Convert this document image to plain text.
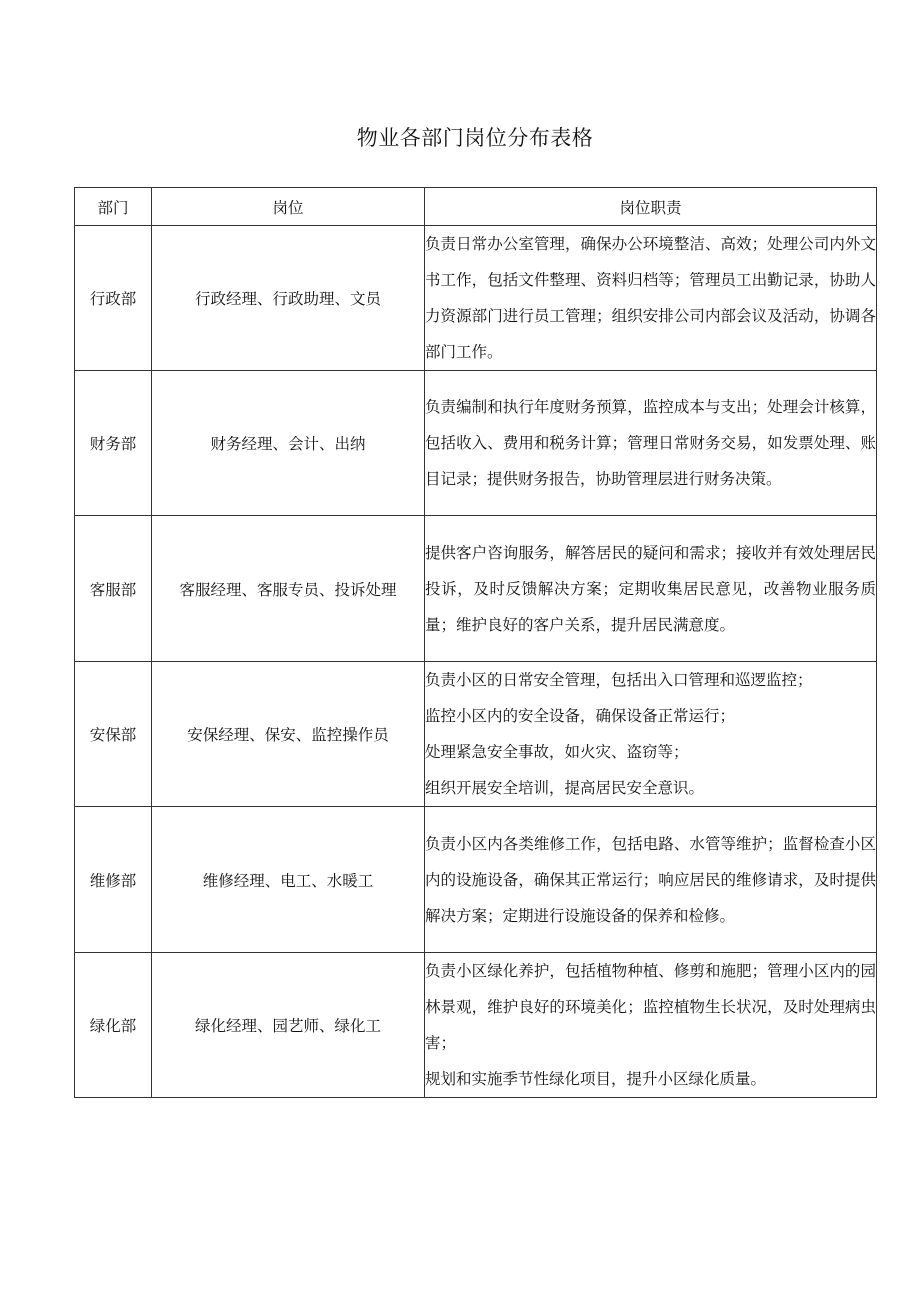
物业各部门岗位分布表格
部门	岗位	岗位职责
行政部	行政经理、行政助理、文员	负责日常办公室管理，确保办公环境整洁、高效；处理公司内外文书工作，包括文件整理、资料归档等；管理员工出勤记录，协助人力资源部门进行员工管理；组织安排公司内部会议及活动，协调各部门工作。

财务部	财务经理、会计、出纳	负责编制和执行年度财务预算，监控成本与支出；处理会计核算，包括收入、费用和税务计算；管理日常财务交易，如发票处理、账目记录；提供财务报告，协助管理层进行财务决策。

客服部	客服经理、客服专员、投诉处理	提供客户咨询服务，解答居民的疑问和需求；接收并有效处理居民投诉，及时反馈解决方案；定期收集居民意见，改善物业服务质量；维护良好的客户关系，提升居民满意度。

安保部	安保经理、保安、监控操作员	负责小区的日常安全管理，包括出入口管理和巡逻监控；
监控小区内的安全设备，确保设备正常运行；
处理紧急安全事故，如火灾、盗窃等；
组织开展安全培训，提高居民安全意识。

维修部	维修经理、电工、水暖工	负责小区内各类维修工作，包括电路、水管等维护；监督检查小区内的设施设备，确保其正常运行；响应居民的维修请求，及时提供解决方案；定期进行设施设备的保养和检修。

绿化部	绿化经理、园艺师、绿化工	负责小区绿化养护，包括植物种植、修剪和施肥；管理小区内的园林景观，维护良好的环境美化；监控植物生长状况，及时处理病虫害；
规划和实施季节性绿化项目，提升小区绿化质量。
